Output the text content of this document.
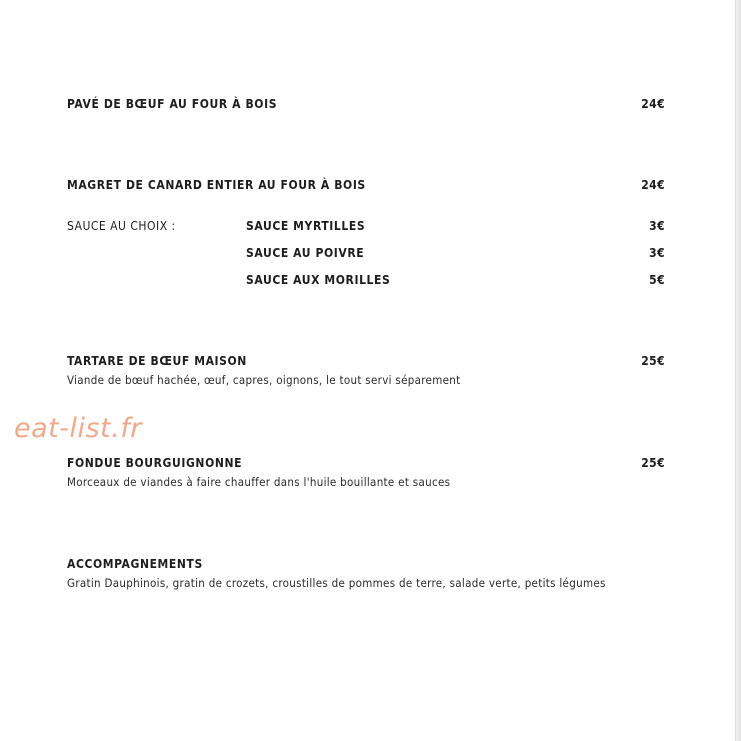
PAVÉ DE BŒUF AU FOUR À BOIS	24€
MAGRET DE CANARD ENTIER AU FOUR À BOIS	24€
SAUCE AU CHOIX :	SAUCE MYRTILLES	3€
SAUCE AU POIVRE	3€
SAUCE AUX MORILLES	5€
TARTARE DE BŒUF MAISON	25€
Viande de bœuf hachée, œuf, capres, oignons, le tout servi séparement
eat-list.fr
FONDUE BOURGUIGNONNE	25€
Morceaux de viandes à faire chauffer dans l'huile bouillante et sauces
ACCOMPAGNEMENTS
Gratin Dauphinois, gratin de crozets, croustilles de pommes de terre, salade verte, petits légumes
